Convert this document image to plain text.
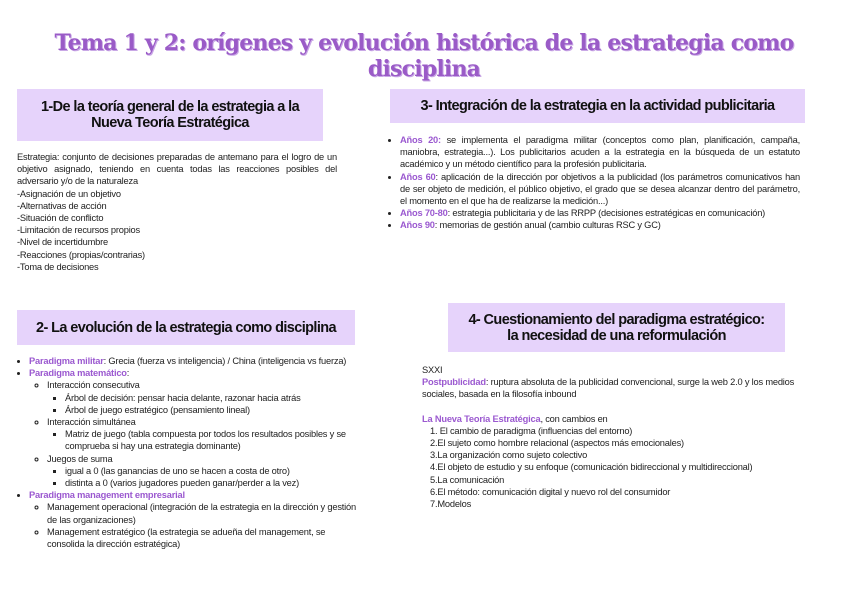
Tema 1 y 2: orígenes y evolución histórica de la estrategia como disciplina
1-De la teoría general de la estrategia a la
Nueva Teoría Estratégica
Estrategia: conjunto de decisiones preparadas de antemano para el logro de un objetivo asignado, teniendo en cuenta todas las reacciones posibles del adversario y/o de la naturaleza
-Asignación de un objetivo
-Alternativas de acción
-Situación de conflicto
-Limitación de recursos propios
-Nivel de incertidumbre
-Reacciones (propias/contrarias)
-Toma de decisiones
3- Integración de la estrategia en la actividad publicitaria
• Años 20: se implementa el paradigma militar (conceptos como plan, planificación, campaña, maniobra, estrategia...). Los publicitarios acuden a la estrategia en la búsqueda de un estatuto académico y un método científico para la profesión publicitaria.
• Años 60: aplicación de la dirección por objetivos a la publicidad (los parámetros comunicativos han de ser objeto de medición, el público objetivo, el grado que se desea alcanzar dentro del parámetro, el momento en el que ha de realizarse la medición...)
• Años 70-80: estrategia publicitaria y de las RRPP (decisiones estratégicas en comunicación)
• Años 90: memorias de gestión anual (cambio culturas RSC y GC)
2- La evolución de la estrategia como disciplina
• Paradigma militar: Grecia (fuerza vs inteligencia) / China (inteligencia vs fuerza)
• Paradigma matemático:
◦ Interacción consecutiva
▪ Árbol de decisión: pensar hacia delante, razonar hacia atrás
▪ Árbol de juego estratégico (pensamiento lineal)
◦ Interacción simultánea
▪ Matriz de juego (tabla compuesta por todos los resultados posibles y se comprueba si hay una estrategia dominante)
◦ Juegos de suma
▪ igual a 0 (las ganancias de uno se hacen a costa de otro)
▪ distinta a 0 (varios jugadores pueden ganar/perder a la vez)
• Paradigma management empresarial
◦ Management operacional (integración de la estrategia en la dirección y gestión de las organizaciones)
◦ Management estratégico (la estrategia se adueña del management, se consolida la dirección estratégica)
4- Cuestionamiento del paradigma estratégico:
la necesidad de una reformulación
SXXI
Postpublicidad: ruptura absoluta de la publicidad convencional, surge la web 2.0 y los medios sociales, basada en la filosofía inbound
La Nueva Teoría Estratégica, con cambios en
1. El cambio de paradigma (influencias del entorno)
2.El sujeto como hombre relacional (aspectos más emocionales)
3.La organización como sujeto colectivo
4.El objeto de estudio y su enfoque (comunicación bidireccional y multidireccional)
5.La comunicación
6.El método: comunicación digital y nuevo rol del consumidor
7.Modelos
